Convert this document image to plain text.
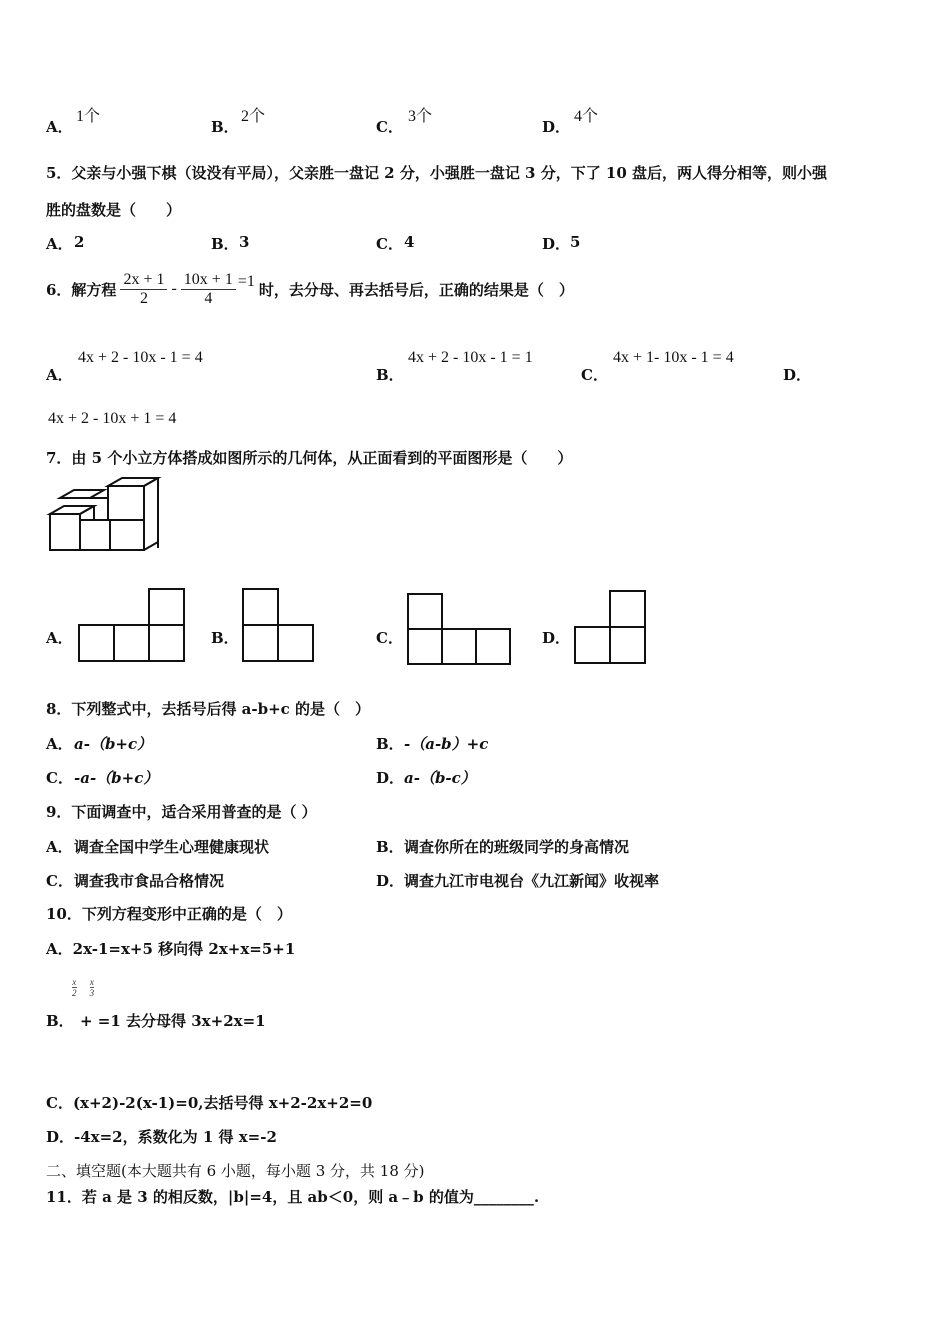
A．
1个
B．
2个
C．
3个
D．
4个
5．父亲与小强下棋（设没有平局），父亲胜一盘记 2 分，小强胜一盘记 3 分，下了 10 盘后，两人得分相等，则小强
胜的盘数是（　　）
A． 2	B． 3	C． 4	D． 5
6．解方程 $\frac{2x + 1}{2} - \frac{10x + 1}{4} =1$ 时，去分母、再去括号后，正确的结果是（　）
A．
4x + 2 - 10x - 1 = 4
B．
4x + 2 - 10x - 1 = 1
C．
4x + 1- 10x - 1 = 4
D．
4x + 2 - 10x + 1 = 4
7．由 5 个小立方体搭成如图所示的几何体，从正面看到的平面图形是（　　）
A．	B．	C．	D．
8．下列整式中，去括号后得 a-b+c 的是（　）
A． a-（b+c）	B． -（a-b）+c
C． -a-（b+c）	D． a-（b-c）
9．下面调查中，适合采用普查的是（ ）
A． 调查全国中学生心理健康现状	B． 调查你所在的班级同学的身高情况
C． 调查我市食品合格情况	D． 调查九江市电视台《九江新闻》收视率
10．下列方程变形中正确的是（　）
A．2x-1=x+5 移向得 2x+x=5+1
$\frac{x}{2}$
$\frac{x}{3}$
B． + =1 去分母得 3x+2x=1
C．(x+2)-2(x-1)=0,去括号得 x+2-2x+2=0
D．-4x=2，系数化为 1 得 x=-2
二、填空题(本大题共有 6 小题，每小题 3 分，共 18 分)
11．若 a 是 3 的相反数，|b|=4，且 ab＜0，则 a﹣b 的值为________.
